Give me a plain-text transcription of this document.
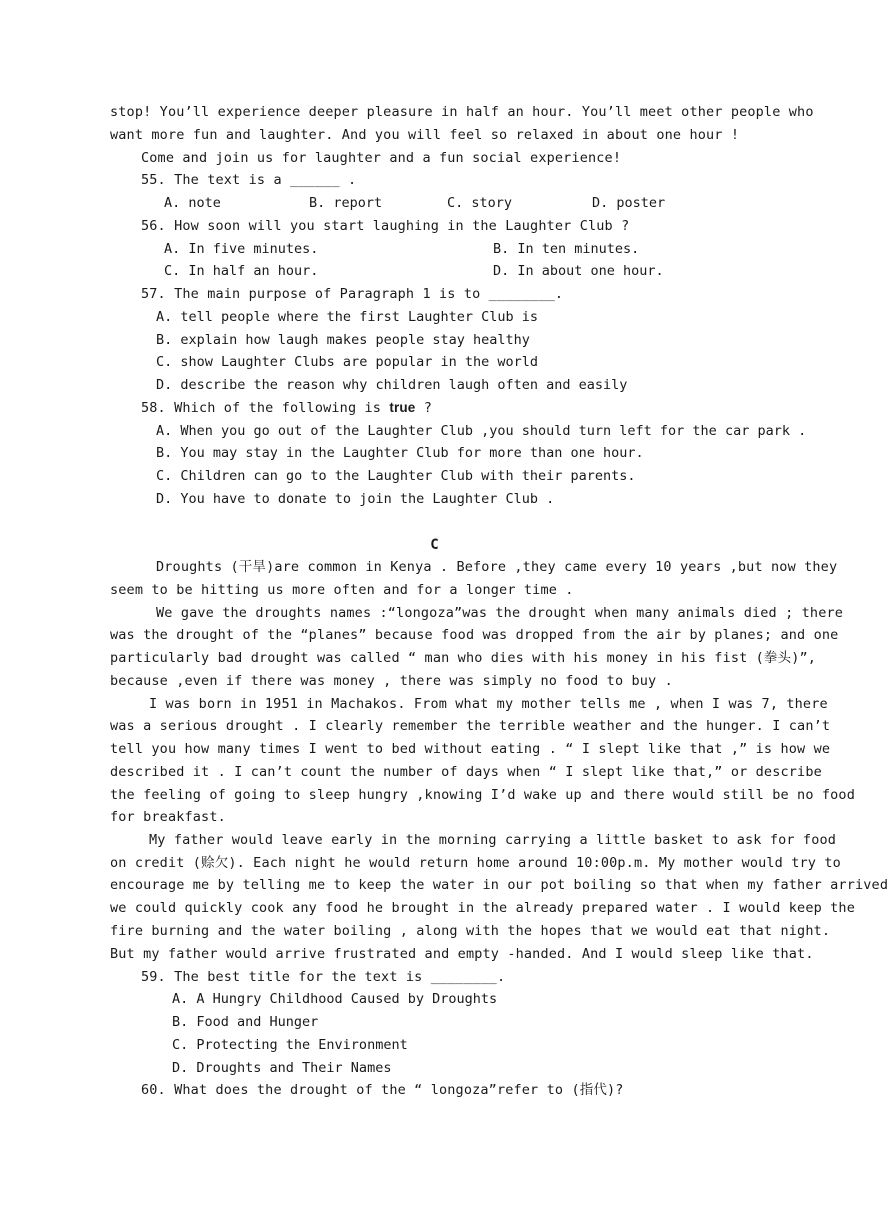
stop! You’ll experience deeper pleasure in half an hour. You’ll meet other people who
want more fun and laughter. And you will feel so relaxed in about one hour !
Come and join us for laughter and a fun social experience!
55. The text is a ______ .
A. note	B. report	C. story	D. poster
56. How soon will you start laughing in the Laughter Club ?
A. In five minutes.	B. In ten minutes.
C. In half an hour.	D. In about one hour.
57. The main purpose of Paragraph 1 is to ________.
A. tell people where the first Laughter Club is
B. explain how laugh makes people stay healthy
C. show Laughter Clubs are popular in the world
D. describe the reason why children laugh often and easily
58. Which of the following is true ?
A. When you go out of the Laughter Club ,you should turn left for the car park .
B. You may stay in the Laughter Club for more than one hour.
C. Children can go to the Laughter Club with their parents.
D. You have to donate to join the Laughter Club .
C
Droughts (干旱)are common in Kenya . Before ,they came every 10 years ,but now they
seem to be hitting us more often and for a longer time .
We gave the droughts names :“longoza”was the drought when many animals died ; there
was the drought of the “planes” because food was dropped from the air by planes; and one
particularly bad drought was called “ man who dies with his money in his fist (拳头)”,
because ,even if there was money , there was simply no food to buy .
I was born in 1951 in Machakos. From what my mother tells me , when I was 7, there
was a serious drought . I clearly remember the terrible weather and the hunger. I can’t
tell you how many times I went to bed without eating . “ I slept like that ,” is how we
described it . I can’t count the number of days when “ I slept like that,” or describe
the feeling of going to sleep hungry ,knowing I’d wake up and there would still be no food
for breakfast.
My father would leave early in the morning carrying a little basket to ask for food
on credit (赊欠). Each night he would return home around 10:00p.m. My mother would try to
encourage me by telling me to keep the water in our pot boiling so that when my father arrived
we could quickly cook any food he brought in the already prepared water . I would keep the
fire burning and the water boiling , along with the hopes that we would eat that night.
But my father would arrive frustrated and empty -handed. And I would sleep like that.
59. The best title for the text is ________.
A. A Hungry Childhood Caused by Droughts
B. Food and Hunger
C. Protecting the Environment
D. Droughts and Their Names
60. What does the drought of the “ longoza”refer to (指代)?
